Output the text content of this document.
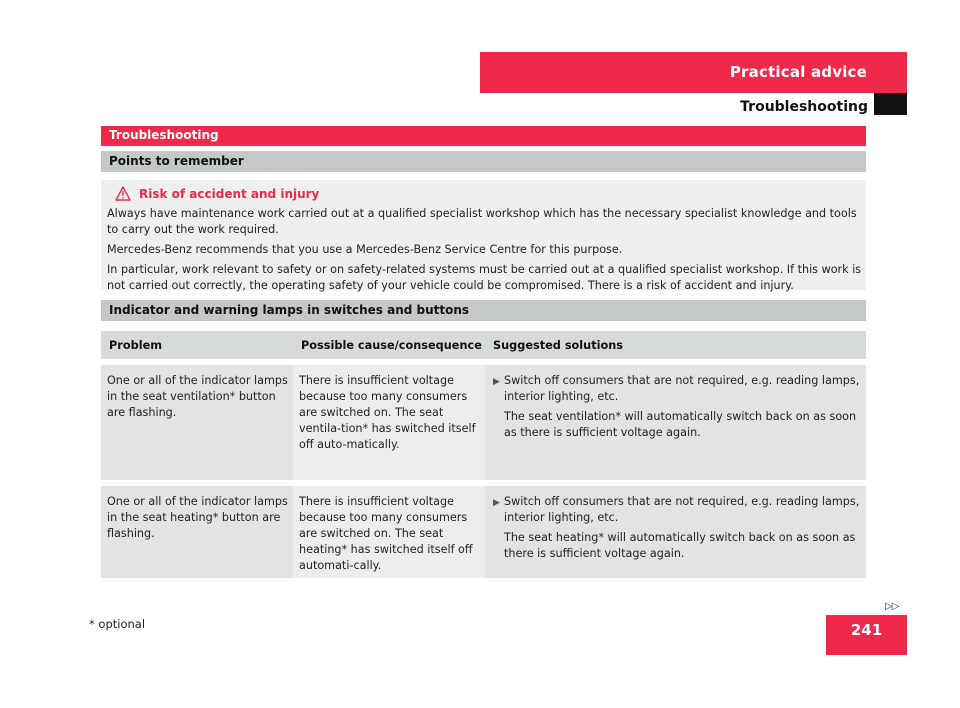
Practical advice
Troubleshooting
Troubleshooting
Points to remember
Risk of accident and injury

Always have maintenance work carried out at a qualified specialist workshop which has the necessary specialist knowledge and tools to carry out the work required.

Mercedes-Benz recommends that you use a Mercedes-Benz Service Centre for this purpose.

In particular, work relevant to safety or on safety-related systems must be carried out at a qualified specialist workshop. If this work is not carried out correctly, the operating safety of your vehicle could be compromised. There is a risk of accident and injury.

Indicator and warning lamps in switches and buttons
Problem	Possible cause/consequence Suggested solutions
One or all of the indicator lamps in the seat ventilation* button are flashing.
There is insufficient voltage because too many consumers are switched on. The seat ventila-tion* has switched itself off auto-matically.
▶ Switch off consumers that are not required, e.g. reading lamps, interior lighting, etc.

The seat ventilation* will automatically switch back on as soon as there is sufficient voltage again.

One or all of the indicator lamps in the seat heating* button are flashing.
There is insufficient voltage because too many consumers are switched on. The seat heating* has switched itself off automati-cally.
▶ Switch off consumers that are not required, e.g. reading lamps, interior lighting, etc.

The seat heating* will automatically switch back on as soon as there is sufficient voltage again.

▷▷
* optional	241
